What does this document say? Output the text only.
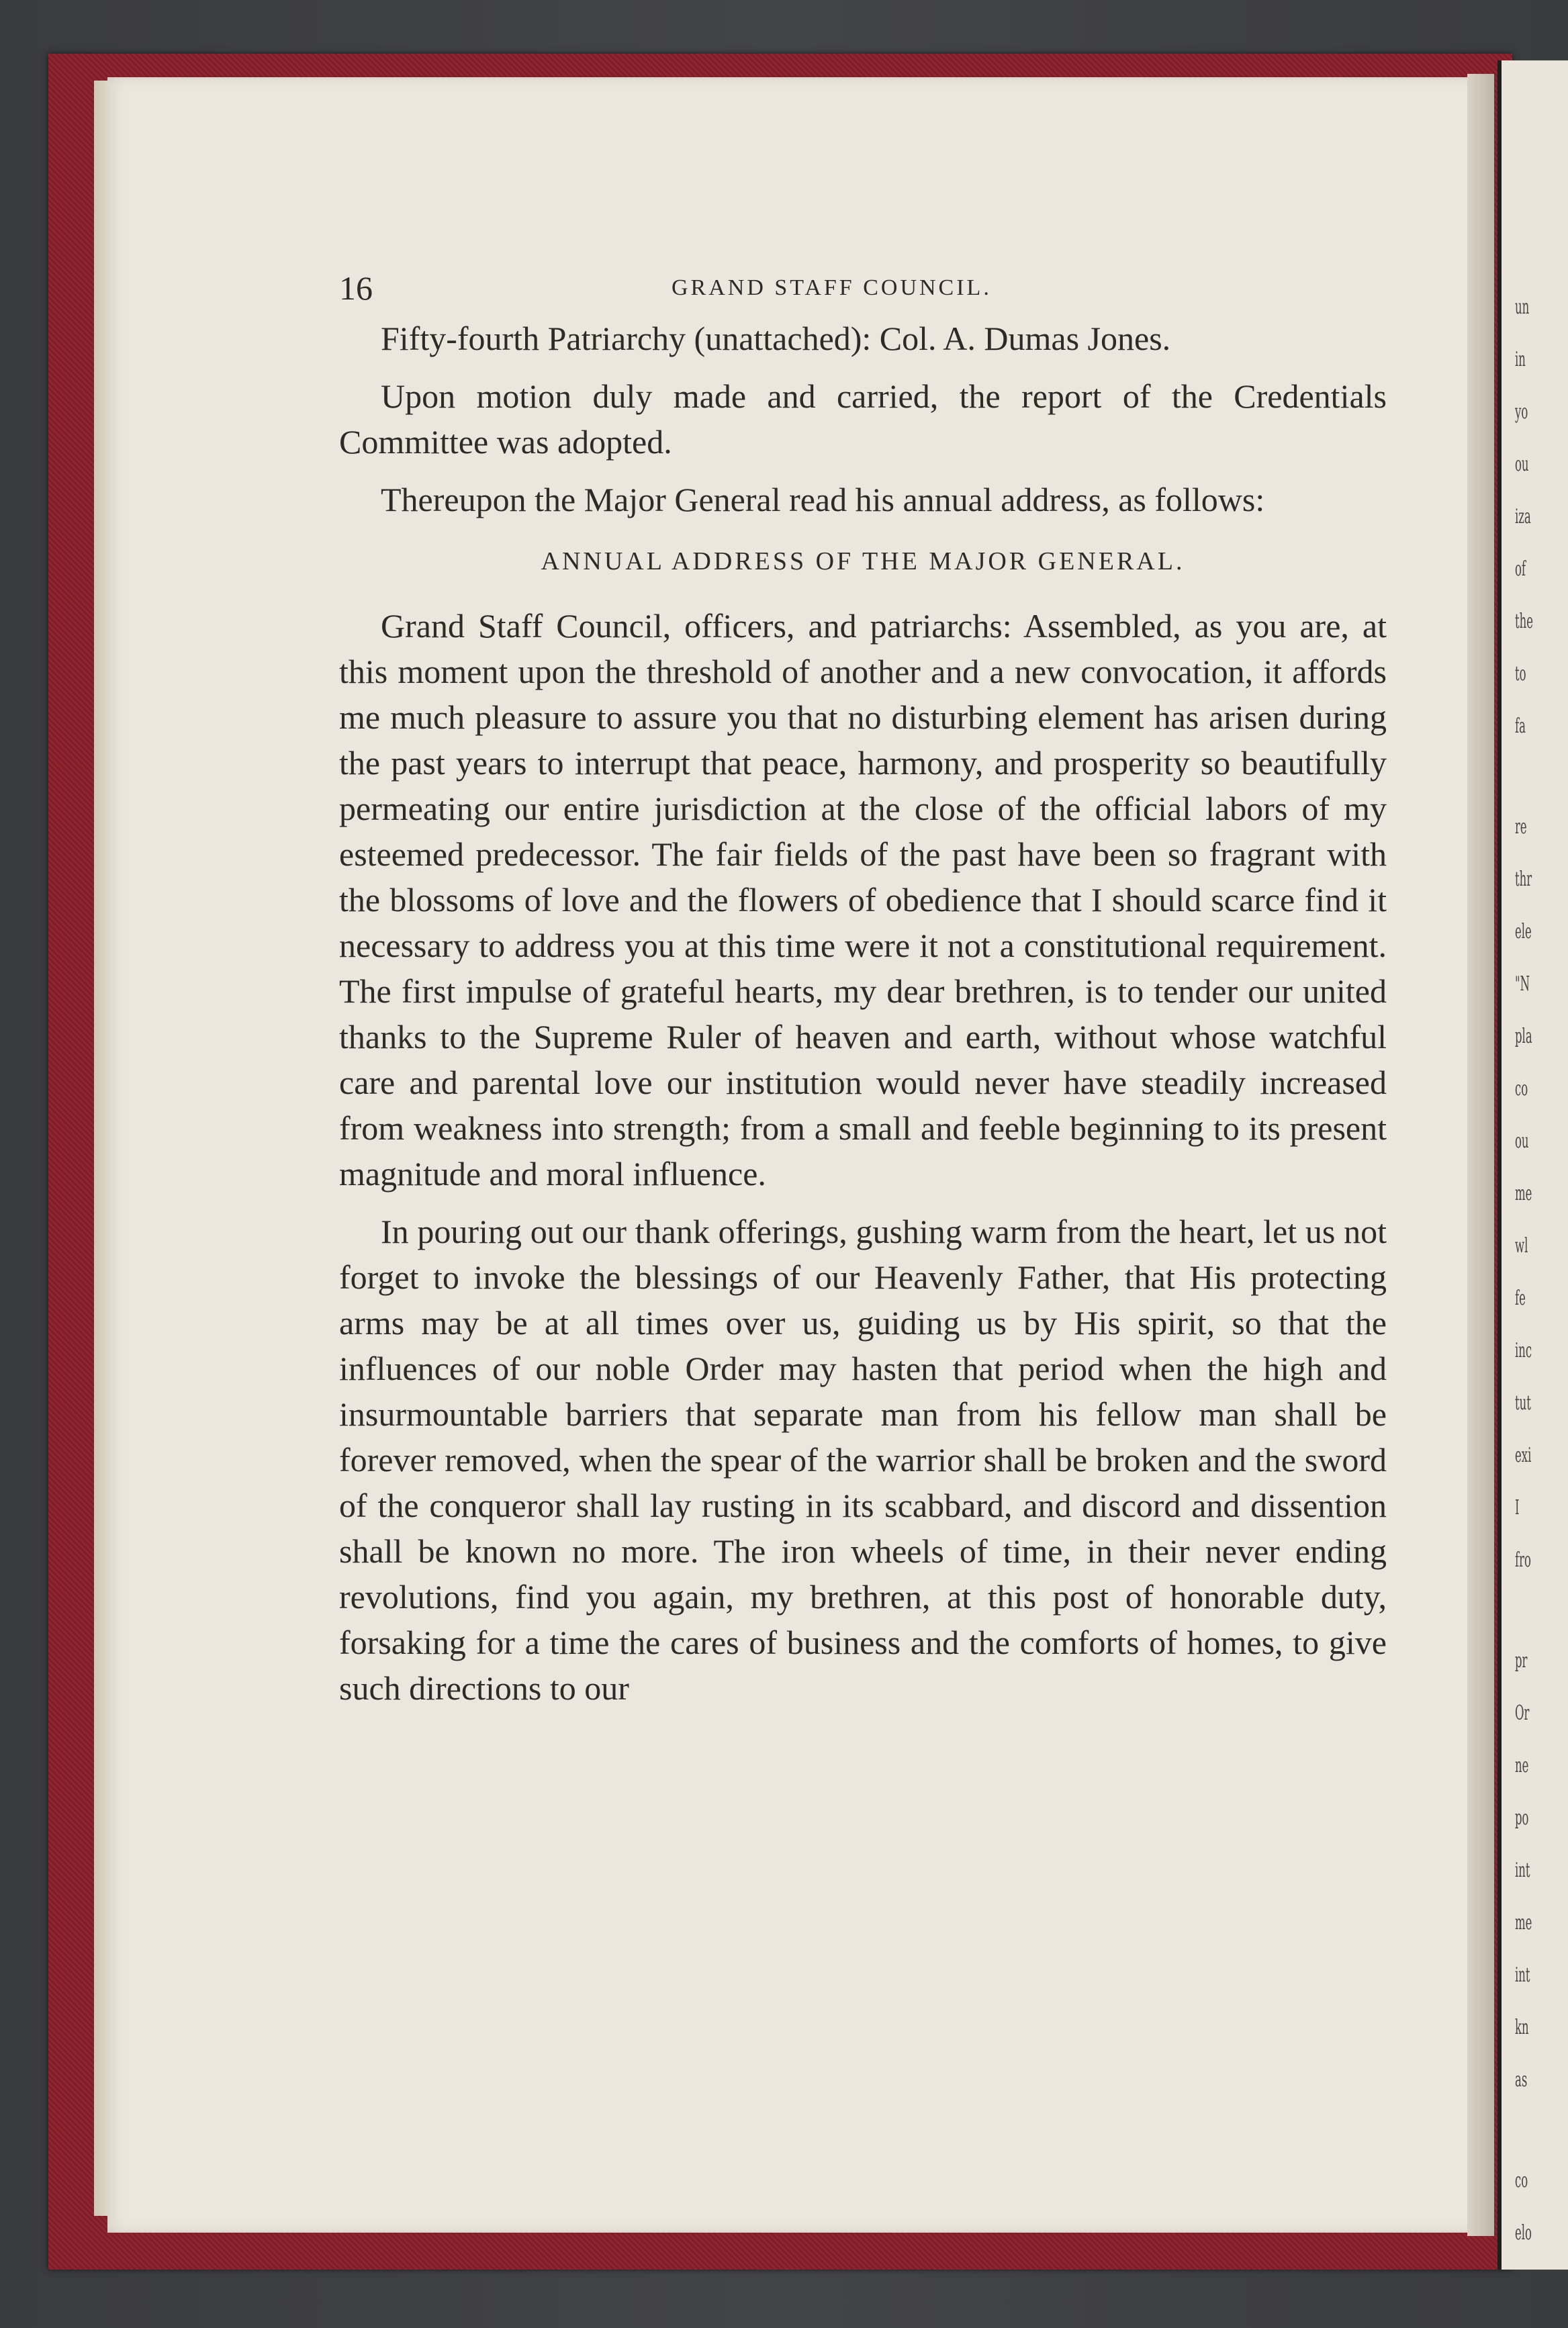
un
in
yo
ou
iza
of
the
to
fa
re
thr
ele
"N
pla
co
ou
me
wl
fe
inc
tut
exi
I
fro
pr
Or
ne
po
int
me
int
kn
as
co
elo
16	GRAND STAFF COUNCIL.

Fifty-fourth Patriarchy (unattached): Col. A. Dumas Jones.

Upon motion duly made and carried, the report of the Credentials Committee was adopted.

Thereupon the Major General read his annual address, as follows:

ANNUAL ADDRESS OF THE MAJOR GENERAL.

Grand Staff Council, officers, and patriarchs: Assembled, as you are, at this moment upon the threshold of another and a new convocation, it affords me much pleasure to assure you that no disturbing element has arisen during the past years to interrupt that peace, harmony, and prosperity so beautifully permeating our entire jurisdiction at the close of the official labors of my esteemed predecessor. The fair fields of the past have been so fragrant with the blossoms of love and the flowers of obedience that I should scarce find it necessary to address you at this time were it not a constitutional requirement. The first impulse of grateful hearts, my dear brethren, is to tender our united thanks to the Supreme Ruler of heaven and earth, without whose watchful care and parental love our institution would never have steadily increased from weakness into strength; from a small and feeble beginning to its present magnitude and moral influence.

In pouring out our thank offerings, gushing warm from the heart, let us not forget to invoke the blessings of our Heavenly Father, that His protecting arms may be at all times over us, guiding us by His spirit, so that the influences of our noble Order may hasten that period when the high and insurmountable barriers that separate man from his fellow man shall be forever removed, when the spear of the warrior shall be broken and the sword of the conqueror shall lay rusting in its scabbard, and discord and dissention shall be known no more. The iron wheels of time, in their never ending revolutions, find you again, my brethren, at this post of honorable duty, forsaking for a time the cares of business and the comforts of homes, to give such directions to our
